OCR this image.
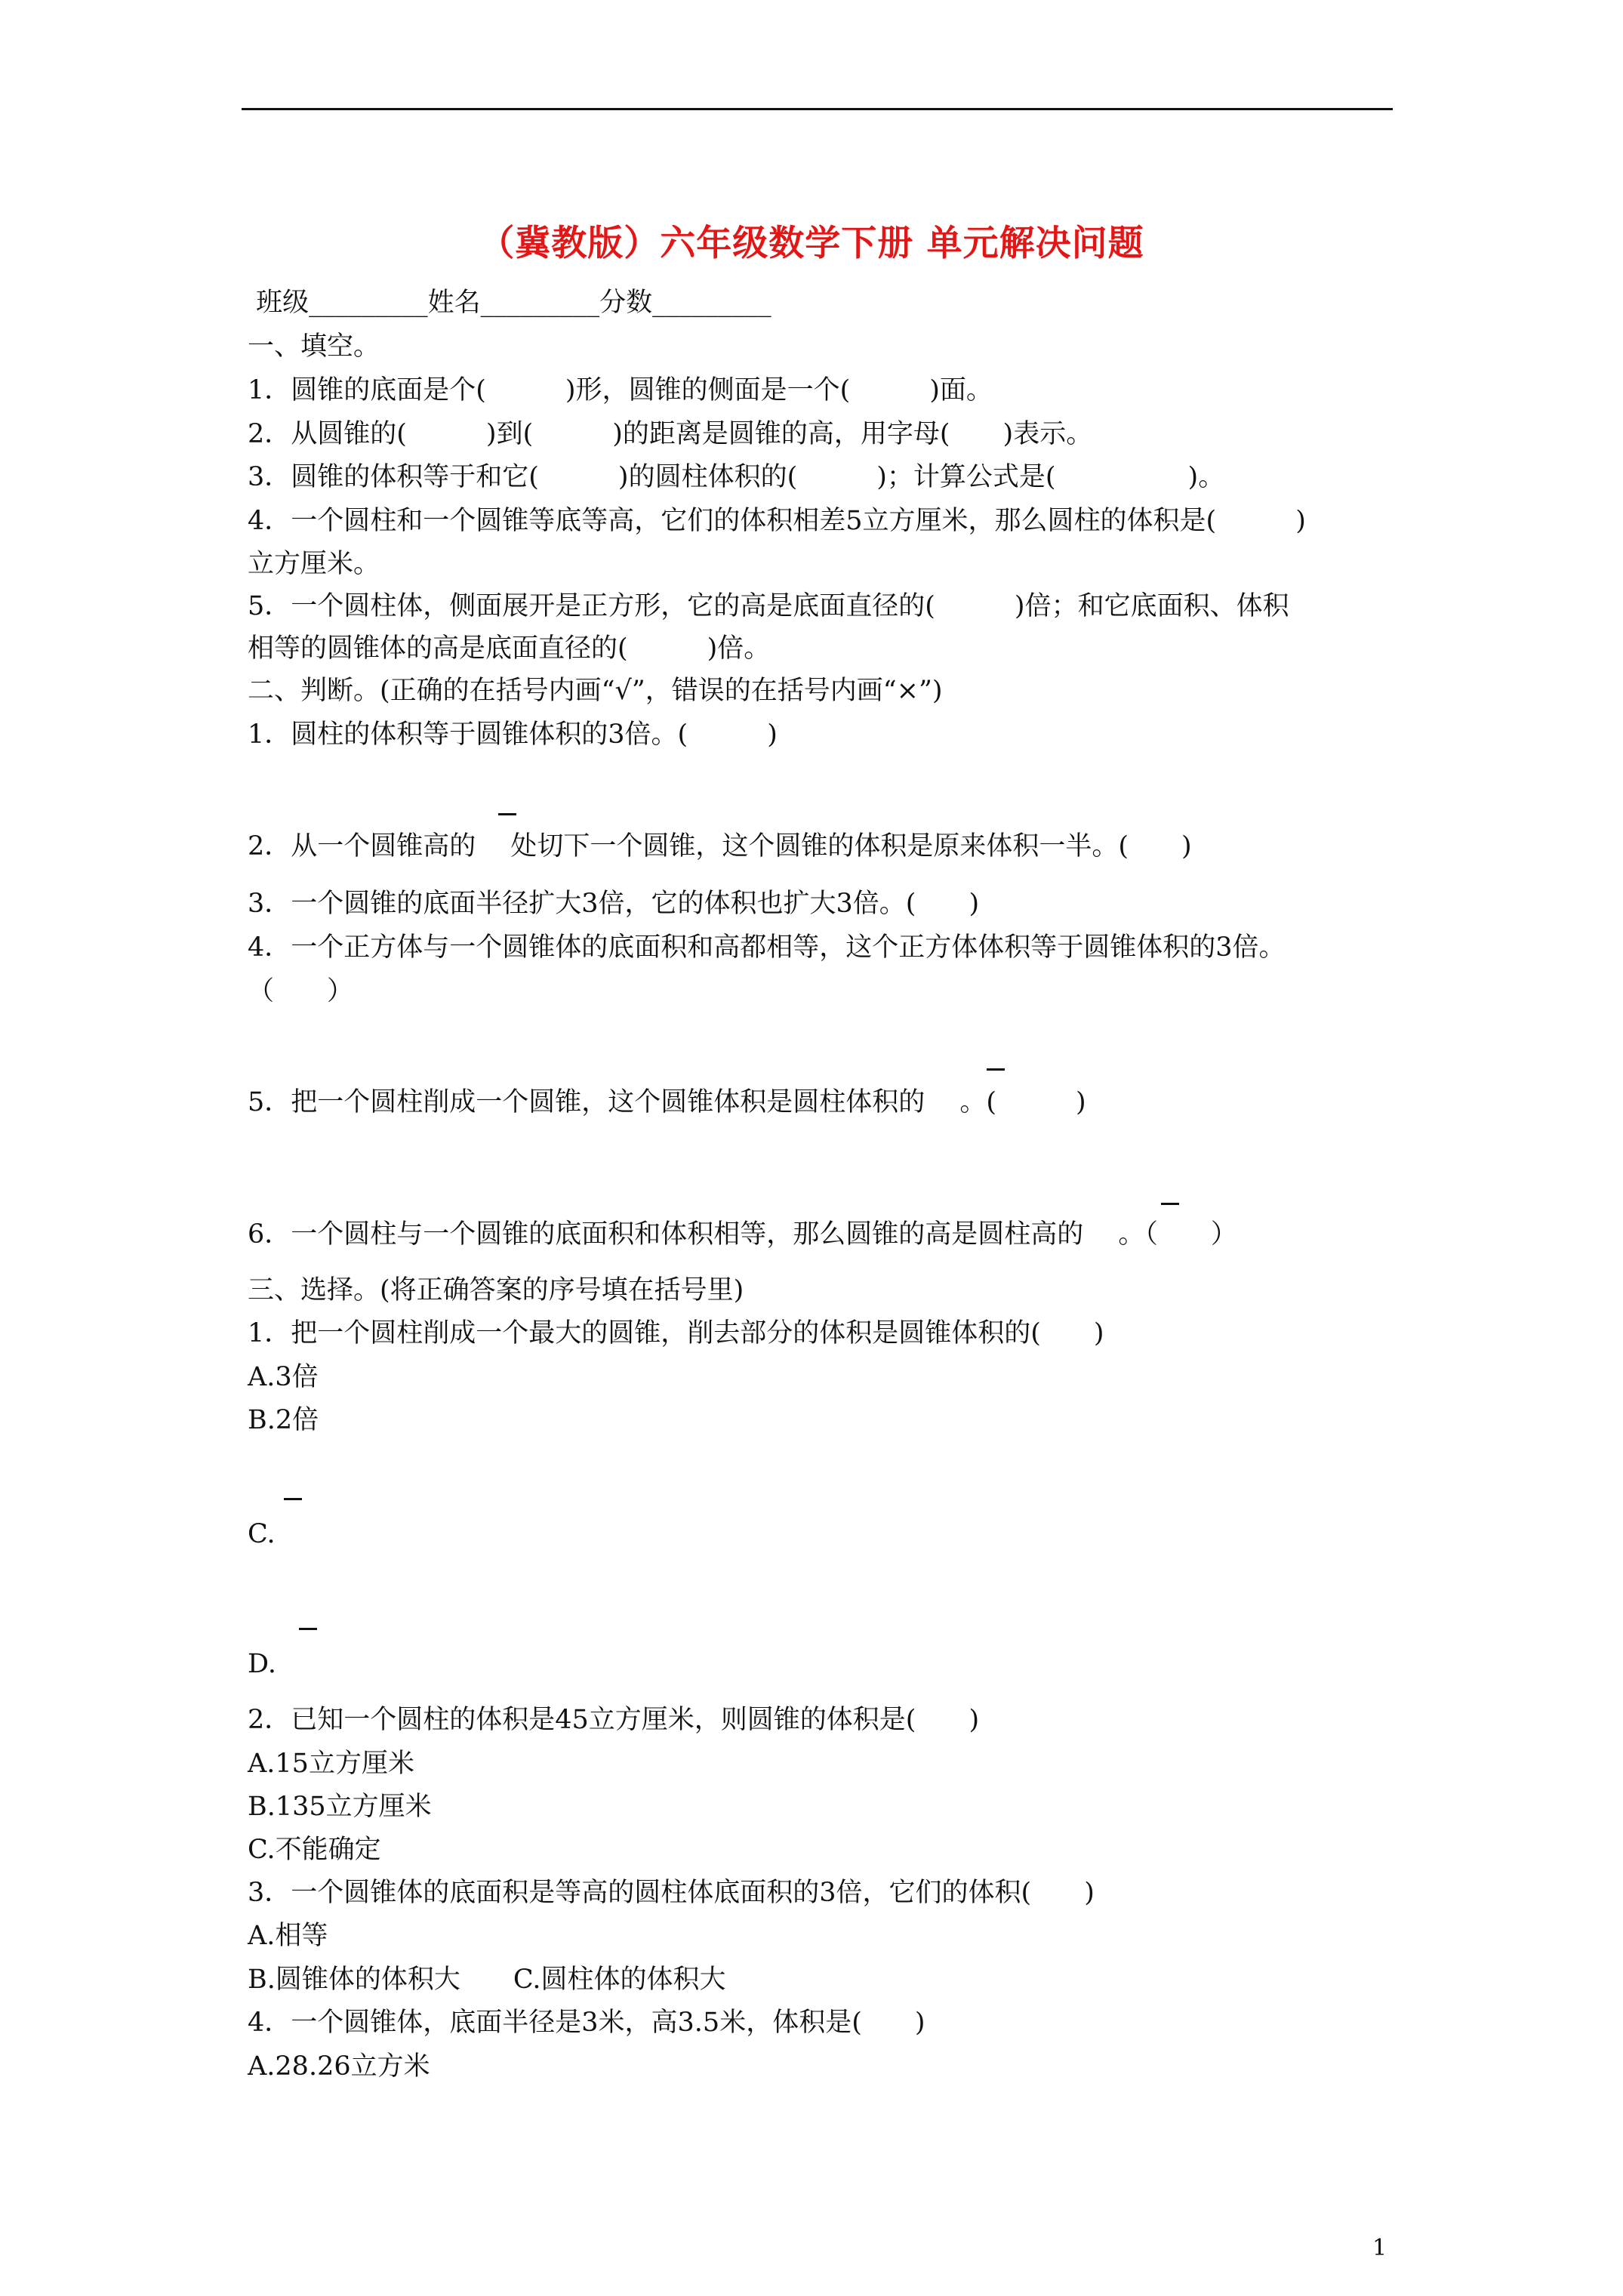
（冀教版）六年级数学下册 单元解决问题
班级_________姓名_________分数_________
一、填空。
1．圆锥的底面是个(　　　)形，圆锥的侧面是一个(　　　)面。
2．从圆锥的(　　　)到(　　　)的距离是圆锥的高，用字母(　　)表示。
3．圆锥的体积等于和它(　　　)的圆柱体积的(　　　)；计算公式是(　　　　　)。
4．一个圆柱和一个圆锥等底等高，它们的体积相差5立方厘米，那么圆柱的体积是(　　　)
立方厘米。
5．一个圆柱体，侧面展开是正方形，它的高是底面直径的(　　　)倍；和它底面积、体积
相等的圆锥体的高是底面直径的(　　　)倍。
二、判断。(正确的在括号内画“√”，错误的在括号内画“×”)
1．圆柱的体积等于圆锥体积的3倍。(　　　)
2．从一个圆锥高的　 处切下一个圆锥，这个圆锥的体积是原来体积一半。(　　)
3．一个圆锥的底面半径扩大3倍，它的体积也扩大3倍。(　　)
4．一个正方体与一个圆锥体的底面积和高都相等，这个正方体体积等于圆锥体积的3倍。
（　　）
5．把一个圆柱削成一个圆锥，这个圆锥体积是圆柱体积的　 。(　　　)
6．一个圆柱与一个圆锥的底面积和体积相等，那么圆锥的高是圆柱高的　 。（　　）
三、选择。(将正确答案的序号填在括号里)
1．把一个圆柱削成一个最大的圆锥，削去部分的体积是圆锥体积的(　　)
A.3倍
B.2倍
C.
D.
2．已知一个圆柱的体积是45立方厘米，则圆锥的体积是(　　)
A.15立方厘米
B.135立方厘米
C.不能确定
3．一个圆锥体的底面积是等高的圆柱体底面积的3倍，它们的体积(　　)
A.相等
B.圆锥体的体积大　　C.圆柱体的体积大
4．一个圆锥体，底面半径是3米，高3.5米，体积是(　　)
A.28.26立方米
1
